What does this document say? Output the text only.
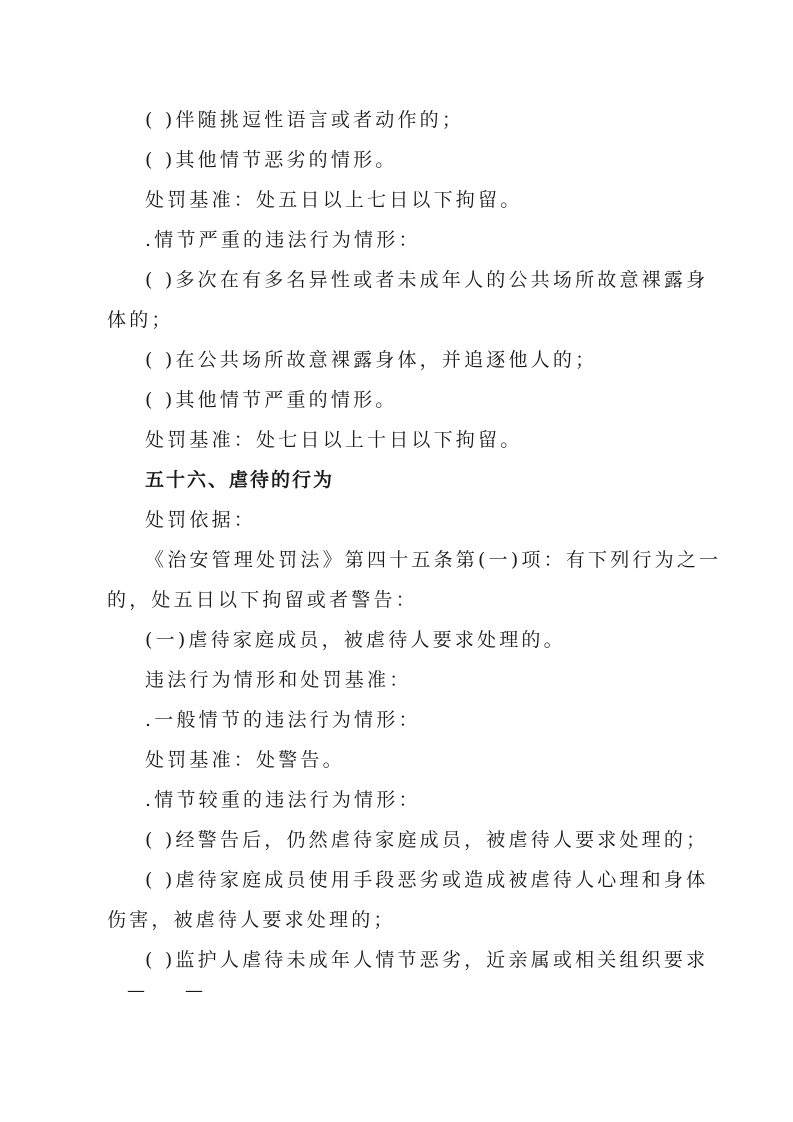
( )伴随挑逗性语言或者动作的；
( )其他情节恶劣的情形。
处罚基准：处五日以上七日以下拘留。
.情节严重的违法行为情形：
( )多次在有多名异性或者未成年人的公共场所故意裸露身
体的；
( )在公共场所故意裸露身体，并追逐他人的；
( )其他情节严重的情形。
处罚基准：处七日以上十日以下拘留。
五十六、虐待的行为
处罚依据：
《治安管理处罚法》第四十五条第(一)项：有下列行为之一
的，处五日以下拘留或者警告：
(一)虐待家庭成员，被虐待人要求处理的。
违法行为情形和处罚基准：
.一般情节的违法行为情形：
处罚基准：处警告。
.情节较重的违法行为情形：
( )经警告后，仍然虐待家庭成员，被虐待人要求处理的；
( )虐待家庭成员使用手段恶劣或造成被虐待人心理和身体
伤害，被虐待人要求处理的；
( )监护人虐待未成年人情节恶劣，近亲属或相关组织要求
— —
